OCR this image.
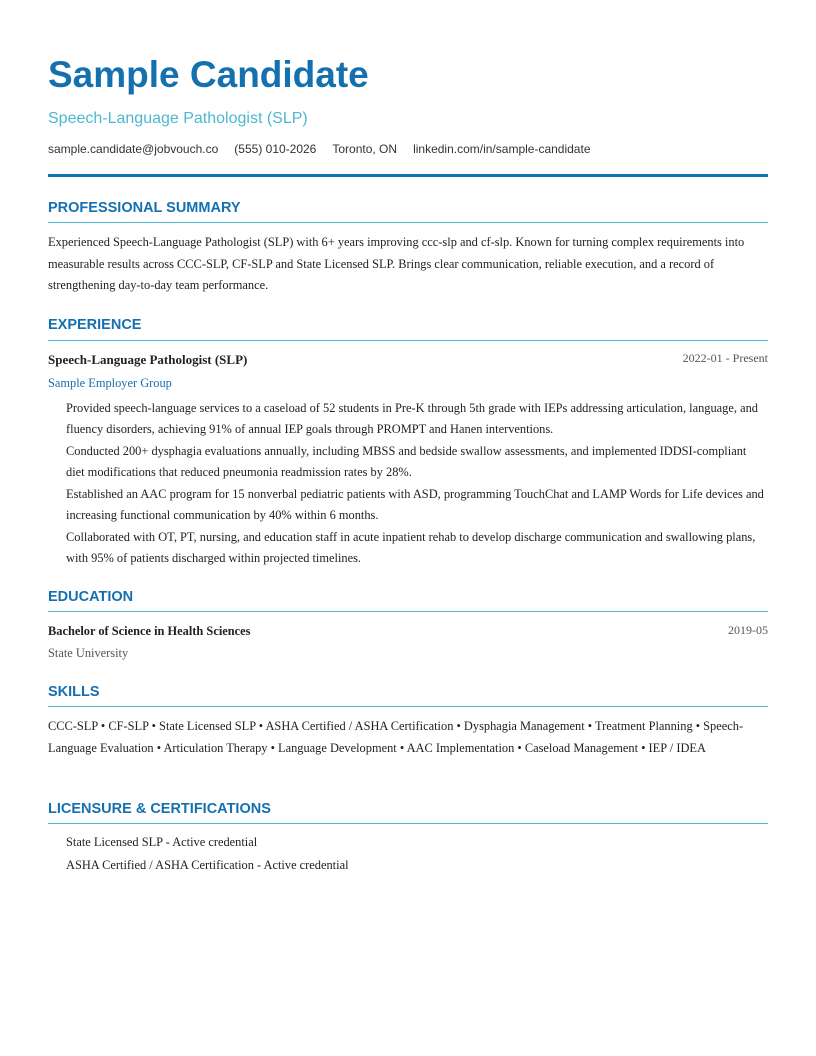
Sample Candidate
Speech-Language Pathologist (SLP)
sample.candidate@jobvouch.co (555) 010-2026 Toronto, ON linkedin.com/in/sample-candidate
PROFESSIONAL SUMMARY
Experienced Speech-Language Pathologist (SLP) with 6+ years improving ccc-slp and cf-slp. Known for turning complex requirements into measurable results across CCC-SLP, CF-SLP and State Licensed SLP. Brings clear communication, reliable execution, and a record of strengthening day-to-day team performance.
EXPERIENCE
Speech-Language Pathologist (SLP)	2022-01 - Present
Sample Employer Group
Provided speech-language services to a caseload of 52 students in Pre-K through 5th grade with IEPs addressing articulation, language, and fluency disorders, achieving 91% of annual IEP goals through PROMPT and Hanen interventions.
Conducted 200+ dysphagia evaluations annually, including MBSS and bedside swallow assessments, and implemented IDDSI-compliant diet modifications that reduced pneumonia readmission rates by 28%.
Established an AAC program for 15 nonverbal pediatric patients with ASD, programming TouchChat and LAMP Words for Life devices and increasing functional communication by 40% within 6 months.
Collaborated with OT, PT, nursing, and education staff in acute inpatient rehab to develop discharge communication and swallowing plans, with 95% of patients discharged within projected timelines.
EDUCATION
Bachelor of Science in Health Sciences	2019-05
State University
SKILLS
CCC-SLP • CF-SLP • State Licensed SLP • ASHA Certified / ASHA Certification • Dysphagia Management • Treatment Planning • Speech-Language Evaluation • Articulation Therapy • Language Development • AAC Implementation • Caseload Management • IEP / IDEA
LICENSURE & CERTIFICATIONS
State Licensed SLP - Active credential
ASHA Certified / ASHA Certification - Active credential
